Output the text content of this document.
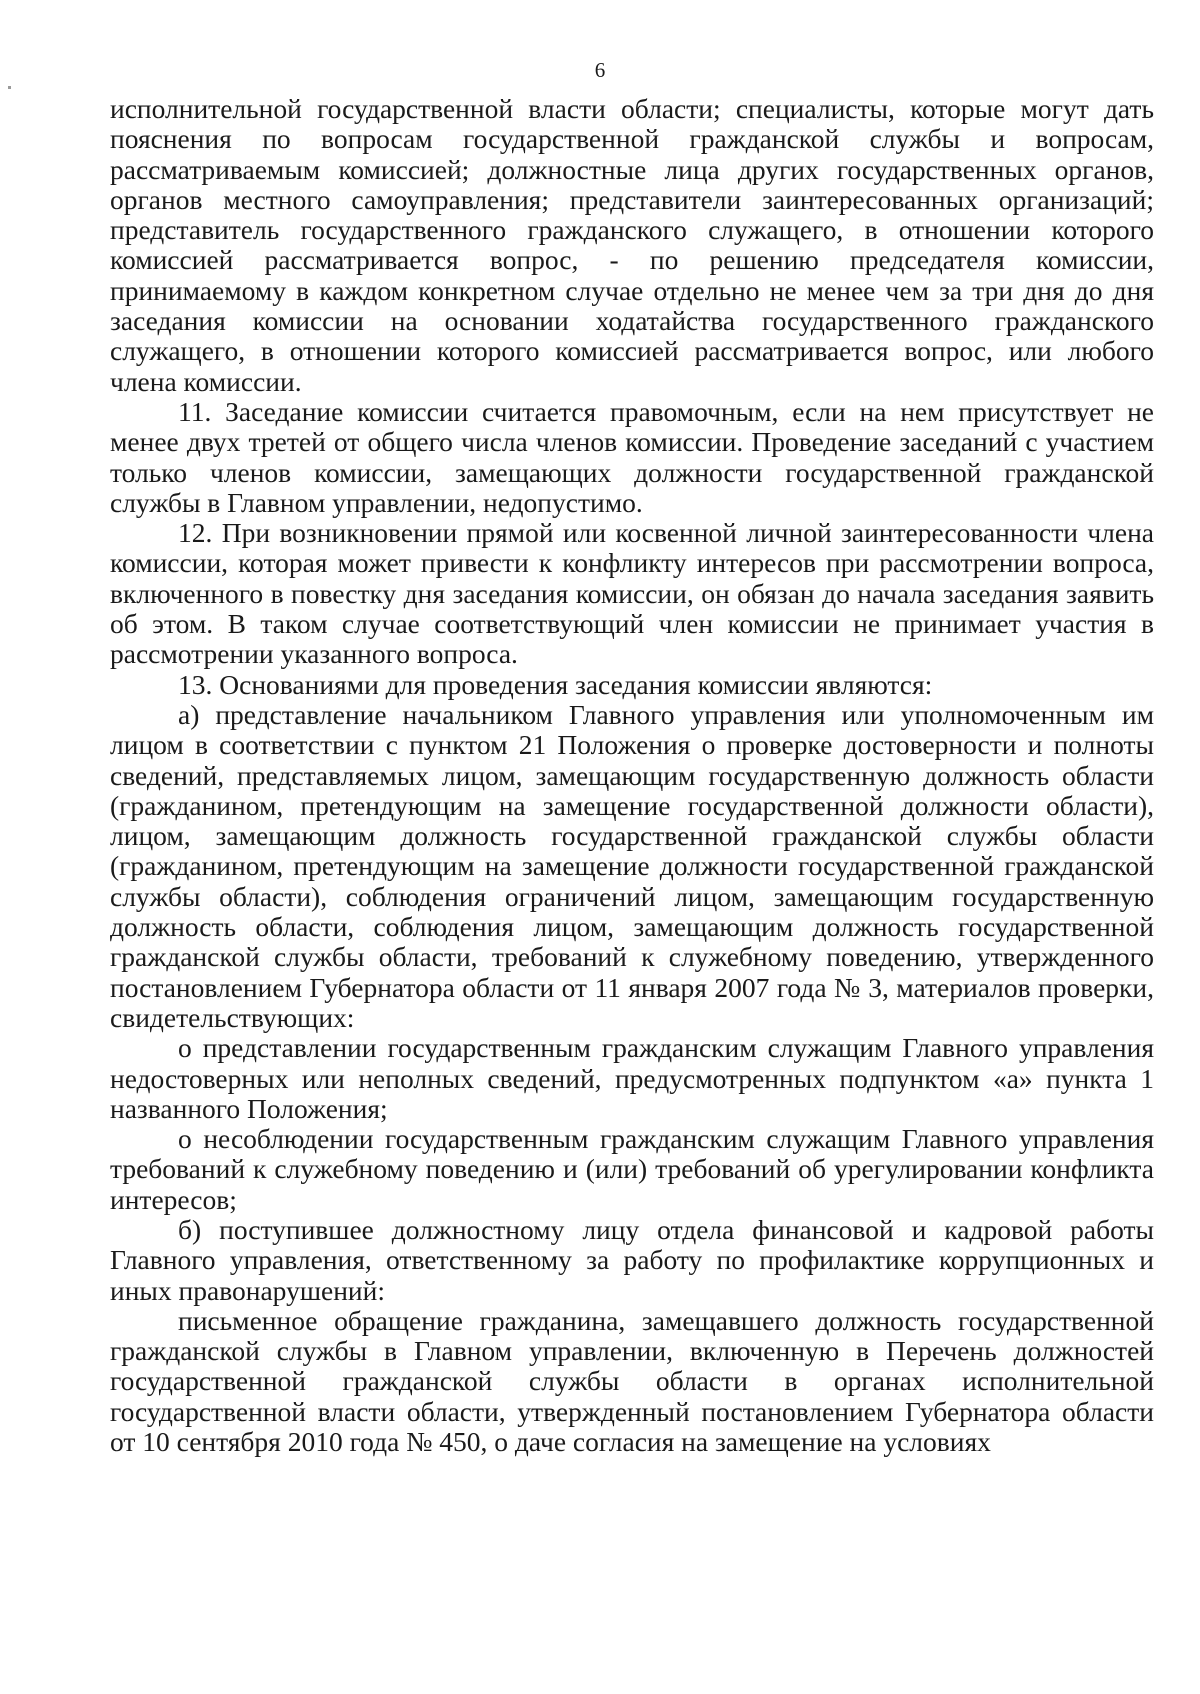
6

исполнительной государственной власти области; специалисты, которые могут дать пояснения по вопросам государственной гражданской службы и вопросам, рассматриваемым комиссией; должностные лица других государственных органов, органов местного самоуправления; представители заинтересованных организаций; представитель государственного гражданского служащего, в отношении которого комиссией рассматривается вопрос, - по решению председателя комиссии, принимаемому в каждом конкретном случае отдельно не менее чем за три дня до дня заседания комиссии на основании ходатайства государственного гражданского служащего, в отношении которого комиссией рассматривается вопрос, или любого члена комиссии.

11. Заседание комиссии считается правомочным, если на нем присутствует не менее двух третей от общего числа членов комиссии. Проведение заседаний с участием только членов комиссии, замещающих должности государственной гражданской службы в Главном управлении, недопустимо.

12. При возникновении прямой или косвенной личной заинтересованности члена комиссии, которая может привести к конфликту интересов при рассмотрении вопроса, включенного в повестку дня заседания комиссии, он обязан до начала заседания заявить об этом. В таком случае соответствующий член комиссии не принимает участия в рассмотрении указанного вопроса.

13. Основаниями для проведения заседания комиссии являются:

а) представление начальником Главного управления или уполномоченным им лицом в соответствии с пунктом 21 Положения о проверке достоверности и полноты сведений, представляемых лицом, замещающим государственную должность области (гражданином, претендующим на замещение государственной должности области), лицом, замещающим должность государственной гражданской службы области (гражданином, претендующим на замещение должности государственной гражданской службы области), соблюдения ограничений лицом, замещающим государственную должность области, соблюдения лицом, замещающим должность государственной гражданской службы области, требований к служебному поведению, утвержденного постановлением Губернатора области от 11 января 2007 года № 3, материалов проверки, свидетельствующих:

о представлении государственным гражданским служащим Главного управления недостоверных или неполных сведений, предусмотренных подпунктом «а» пункта 1 названного Положения;

о несоблюдении государственным гражданским служащим Главного управления требований к служебному поведению и (или) требований об урегулировании конфликта интересов;

б) поступившее должностному лицу отдела финансовой и кадровой работы Главного управления, ответственному за работу по профилактике коррупционных и иных правонарушений:

письменное обращение гражданина, замещавшего должность государственной гражданской службы в Главном управлении, включенную в Перечень должностей государственной гражданской службы области в органах исполнительной государственной власти области, утвержденный постановлением Губернатора области от 10 сентября 2010 года № 450, о даче согласия на замещение на условиях
